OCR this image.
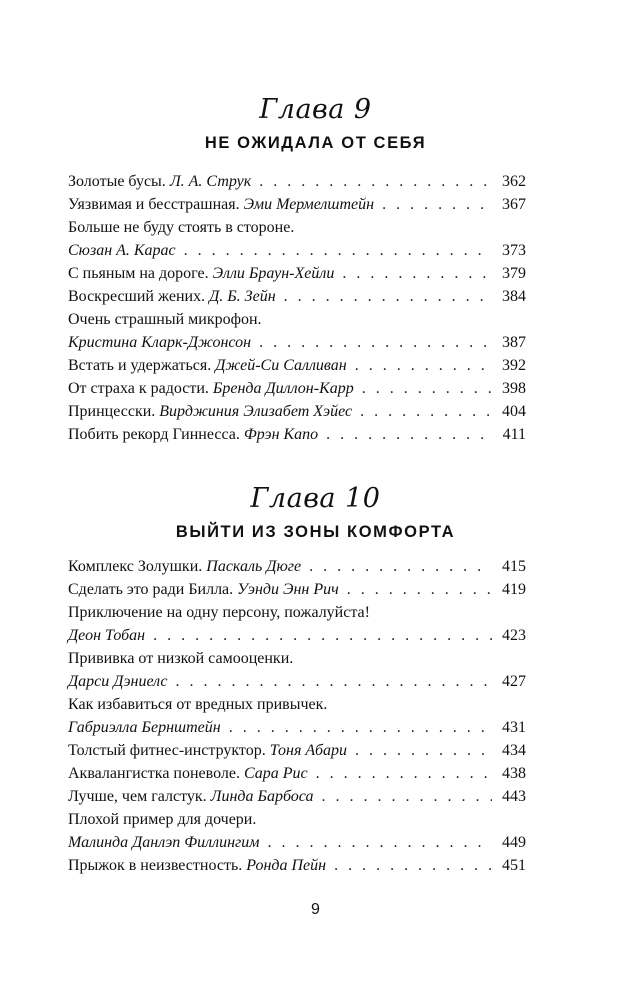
Глава 9
НЕ ОЖИДАЛА ОТ СЕБЯ
Золотые бусы. Л. А. Струк . . .	362
Уязвимая и бесстрашная. Эми Мермелштейн . . .	367
Больше не буду стоять в стороне.
Сюзан А. Карас . . .	373
С пьяным на дороге. Элли Браун-Хейли . . .	379
Воскресший жених. Д. Б. Зейн . . .	384
Очень страшный микрофон.
Кристина Кларк-Джонсон . . .	387
Встать и удержаться. Джей-Си Салливан . . .	392
От страха к радости. Бренда Диллон-Карр . . .	398
Принцесски. Вирджиния Элизабет Хэйес . . .	404
Побить рекорд Гиннесса. Фрэн Капо . . .	411
Глава 10
ВЫЙТИ ИЗ ЗОНЫ КОМФОРТА
Комплекс Золушки. Паскаль Дюге . . .	415
Сделать это ради Билла. Уэнди Энн Рич . . .	419
Приключение на одну персону, пожалуйста!
Деон Тобан . . .	423
Прививка от низкой самооценки.
Дарси Дэниелс . . .	427
Как избавиться от вредных привычек.
Габриэлла Бернштейн . . .	431
Толстый фитнес-инструктор. Тоня Абари . . .	434
Аквалангистка поневоле. Сара Рис . . .	438
Лучше, чем галстук. Линда Барбоса . . .	443
Плохой пример для дочери.
Малинда Данлэп Филлингим . . .	449
Прыжок в неизвестность. Ронда Пейн . . .	451
9
